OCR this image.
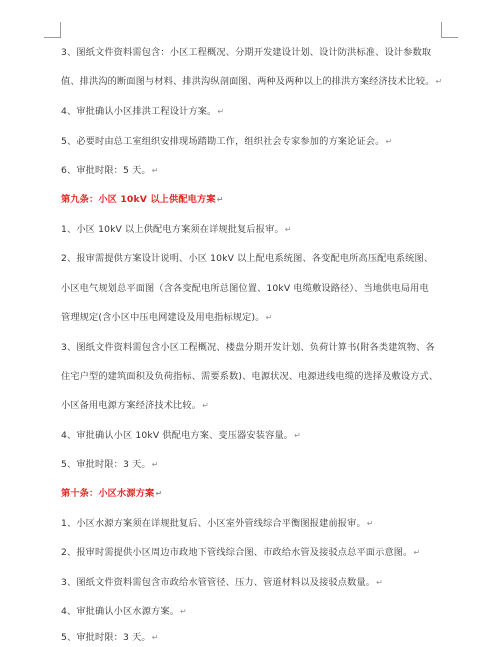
3、图纸文件资料需包含：小区工程概况、分期开发建设计划、设计防洪标准、设计参数取
值、排洪沟的断面图与材料、排洪沟纵剖面图、两种及两种以上的排洪方案经济技术比较。↵
4、审批确认小区排洪工程设计方案。↵
5、必要时由总工室组织安排现场踏勘工作，组织社会专家参加的方案论证会。↵
6、审批时限：5 天。↵
第九条：小区 10kV 以上供配电方案↵
1、小区 10kV 以上供配电方案须在详规批复后报审。↵
2、报审需提供方案设计说明、小区 10kV 以上配电系统图、各变配电所高压配电系统图、
小区电气规划总平面图（含各变配电所总图位置、10kV 电缆敷设路径）、当地供电局用电
管理规定(含小区中压电网建设及用电指标规定)。↵
3、图纸文件资料需包含小区工程概况、楼盘分期开发计划、负荷计算书(附各类建筑物、各
住宅户型的建筑面积及负荷指标、需要系数)、电源状况、电源进线电缆的选择及敷设方式、
小区备用电源方案经济技术比较。↵
4、审批确认小区 10kV 供配电方案、变压器安装容量。↵
5、审批时限：3 天。↵
第十条：小区水源方案↵
1、小区水源方案须在详规批复后、小区室外管线综合平衡图报建前报审。↵
2、报审时需提供小区周边市政地下管线综合图、市政给水管及接驳点总平面示意图。↵
3、图纸文件资料需包含市政给水管管径、压力、管道材料以及接驳点数量。↵
4、审批确认小区水源方案。↵
5、审批时限：3 天。↵
